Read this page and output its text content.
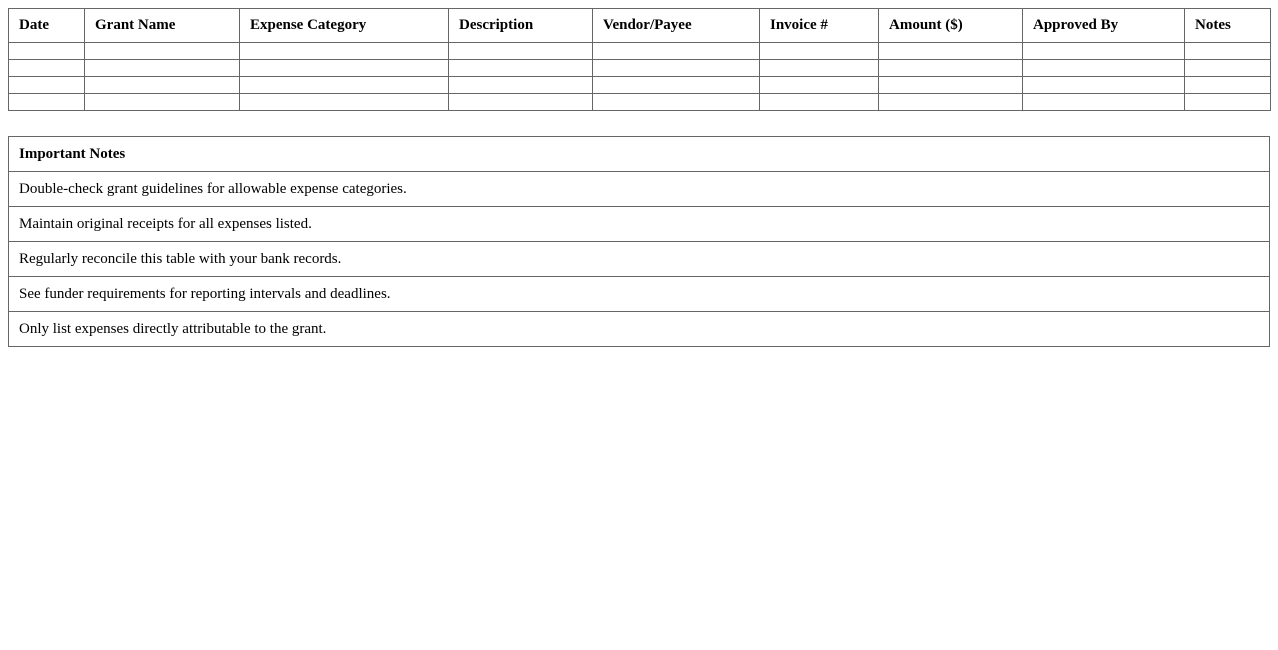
Date	Grant Name	Expense Category	Description	Vendor/Payee	Invoice #	Amount ($)	Approved By	Notes

Important Notes
Double-check grant guidelines for allowable expense categories.
Maintain original receipts for all expenses listed.
Regularly reconcile this table with your bank records.
See funder requirements for reporting intervals and deadlines.
Only list expenses directly attributable to the grant.
